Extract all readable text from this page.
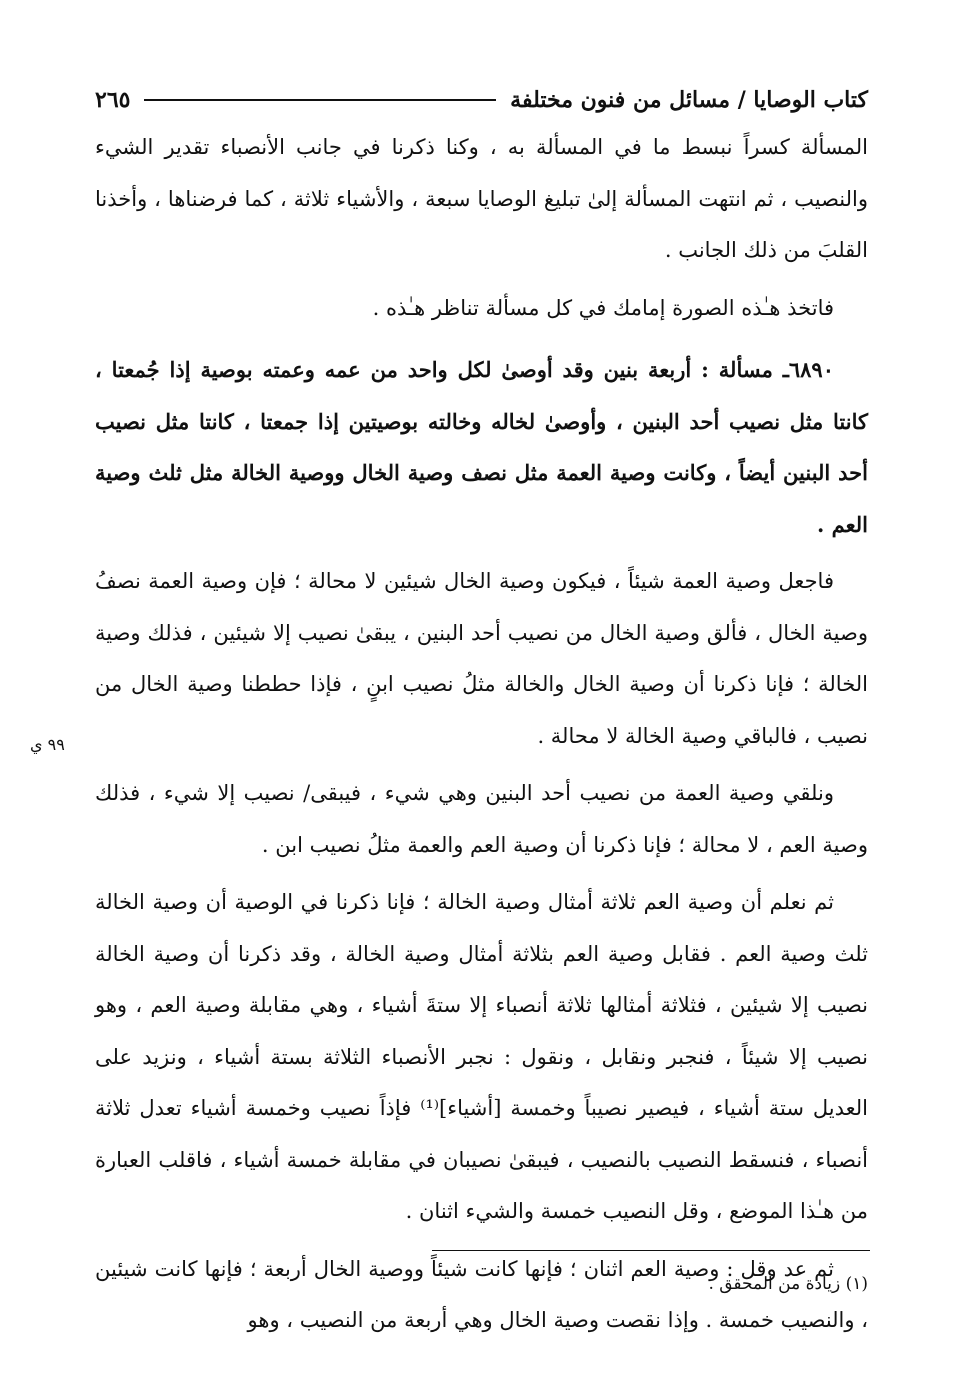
كتاب الوصايا / مسائل من فنون مختلفة
٢٦٥

المسألة كسراً نبسط ما في المسألة به ، وكنا ذكرنا في جانب الأنصباء تقدير الشيء والنصيب ، ثم انتهت المسألة إلىٰ تبليغ الوصايا سبعة ، والأشياء ثلاثة ، كما فرضناها ، وأخذنا القلبَ من ذلك الجانب .

فاتخذ هـٰذه الصورة إمامك في كل مسألة تناظر هـٰذه .

٦٨٩٠ـ مسألة : أربعة بنين وقد أوصىٰ لكل واحد من عمه وعمته بوصية إذا جُمعتا ، كانتا مثل نصيب أحد البنين ، وأوصىٰ لخاله وخالته بوصيتين إذا جمعتا ، كانتا مثل نصيب أحد البنين أيضاً ، وكانت وصية العمة مثل نصف وصية الخال ووصية الخالة مثل ثلث وصية العم .

فاجعل وصية العمة شيئاً ، فيكون وصية الخال شيئين لا محالة ؛ فإن وصية العمة نصفُ وصية الخال ، فألق وصية الخال من نصيب أحد البنين ، يبقىٰ نصيب إلا شيئين ، فذلك وصية الخالة ؛ فإنا ذكرنا أن وصية الخال والخالة مثلُ نصيب ابنٍ ، فإذا حططنا وصية الخال من نصيب ، فالباقي وصية الخالة لا محالة .

ونلقي وصية العمة من نصيب أحد البنين وهي شيء ، فيبقى/ نصيب إلا شيء ، فذلك وصية العم ، لا محالة ؛ فإنا ذكرنا أن وصية العم والعمة مثلُ نصيب ابن .

ثم نعلم أن وصية العم ثلاثة أمثال وصية الخالة ؛ فإنا ذكرنا في الوصية أن وصية الخالة ثلث وصية العم . فقابل وصية العم بثلاثة أمثال وصية الخالة ، وقد ذكرنا أن وصية الخالة نصيب إلا شيئين ، فثلاثة أمثالها ثلاثة أنصباء إلا ستةَ أشياء ، وهي مقابلة وصية العم ، وهو نصيب إلا شيئاً ، فنجبر ونقابل ، ونقول : نجبر الأنصباء الثلاثة بستة أشياء ، ونزيد على العديل ستة أشياء ، فيصير نصيباً وخمسة [أشياء]⁽¹⁾ فإذاً نصيب وخمسة أشياء تعدل ثلاثة أنصباء ، فنسقط النصيب بالنصيب ، فيبقىٰ نصيبان في مقابلة خمسة أشياء ، فاقلب العبارة من هـٰذا الموضع ، وقل النصيب خمسة والشيء اثنان .

ثم عد وقل : وصية العم اثنان ؛ فإنها كانت شيئاً ووصية الخال أربعة ؛ فإنها كانت شيئين ، والنصيب خمسة . وإذا نقصت وصية الخال وهي أربعة من النصيب ، وهو

٩٩ ي
(١) زيادة من المحقق .
